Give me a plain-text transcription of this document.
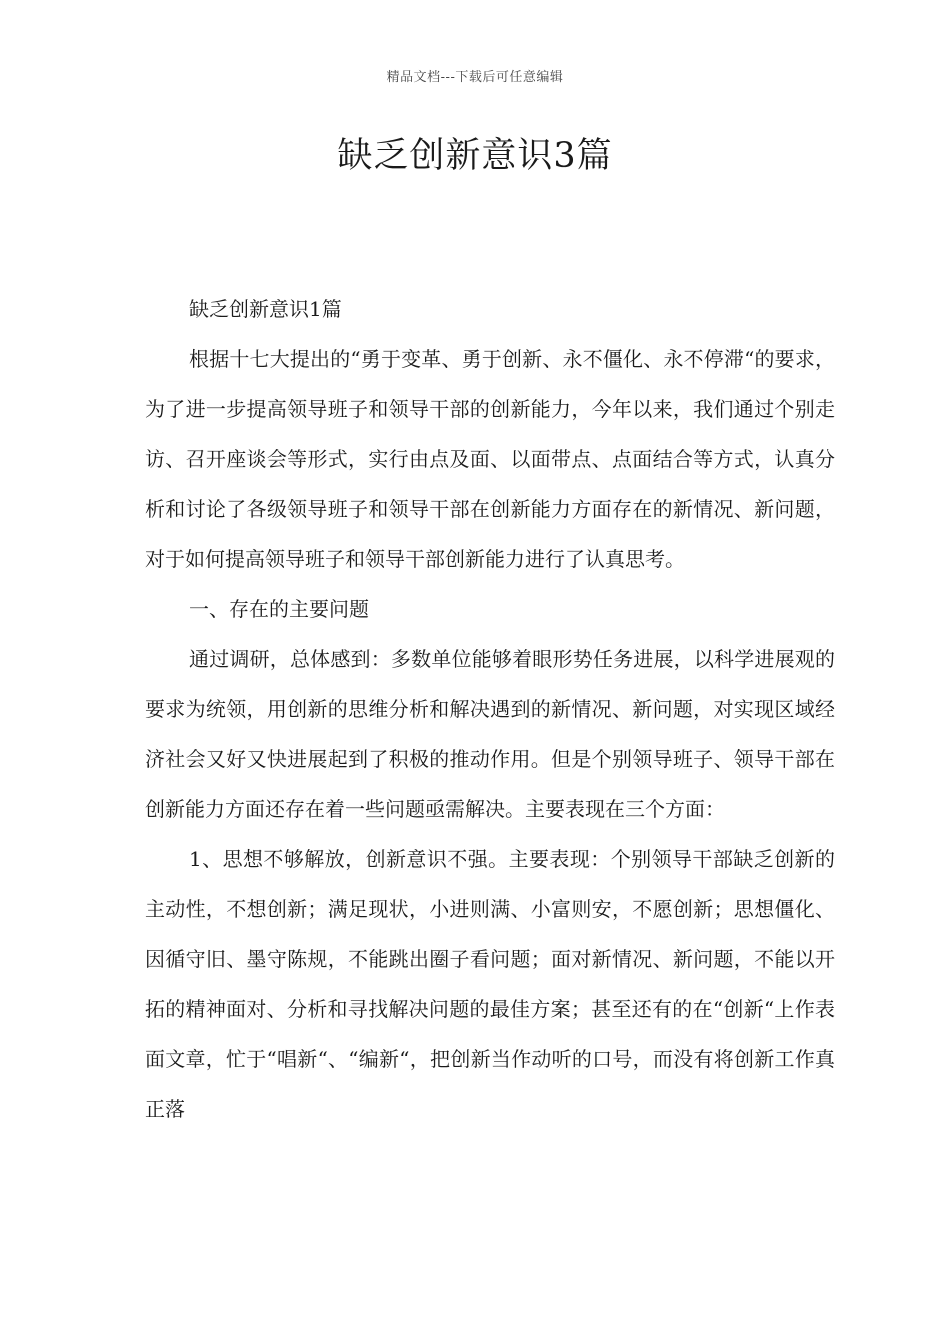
精品文档---下载后可任意编辑
缺乏创新意识3篇

缺乏创新意识1篇

根据十七大提出的“勇于变革、勇于创新、永不僵化、永不停滞“的要求，为了进一步提高领导班子和领导干部的创新能力，今年以来，我们通过个别走访、召开座谈会等形式，实行由点及面、以面带点、点面结合等方式，认真分析和讨论了各级领导班子和领导干部在创新能力方面存在的新情况、新问题，对于如何提高领导班子和领导干部创新能力进行了认真思考。

一、存在的主要问题

通过调研，总体感到：多数单位能够着眼形势任务进展，以科学进展观的要求为统领，用创新的思维分析和解决遇到的新情况、新问题，对实现区域经济社会又好又快进展起到了积极的推动作用。但是个别领导班子、领导干部在创新能力方面还存在着一些问题亟需解决。主要表现在三个方面：

1、思想不够解放，创新意识不强。主要表现：个别领导干部缺乏创新的主动性，不想创新；满足现状，小进则满、小富则安，不愿创新；思想僵化、因循守旧、墨守陈规，不能跳出圈子看问题；面对新情况、新问题，不能以开拓的精神面对、分析和寻找解决问题的最佳方案；甚至还有的在“创新“上作表面文章，忙于“唱新“、“编新“，把创新当作动听的口号，而没有将创新工作真正落
